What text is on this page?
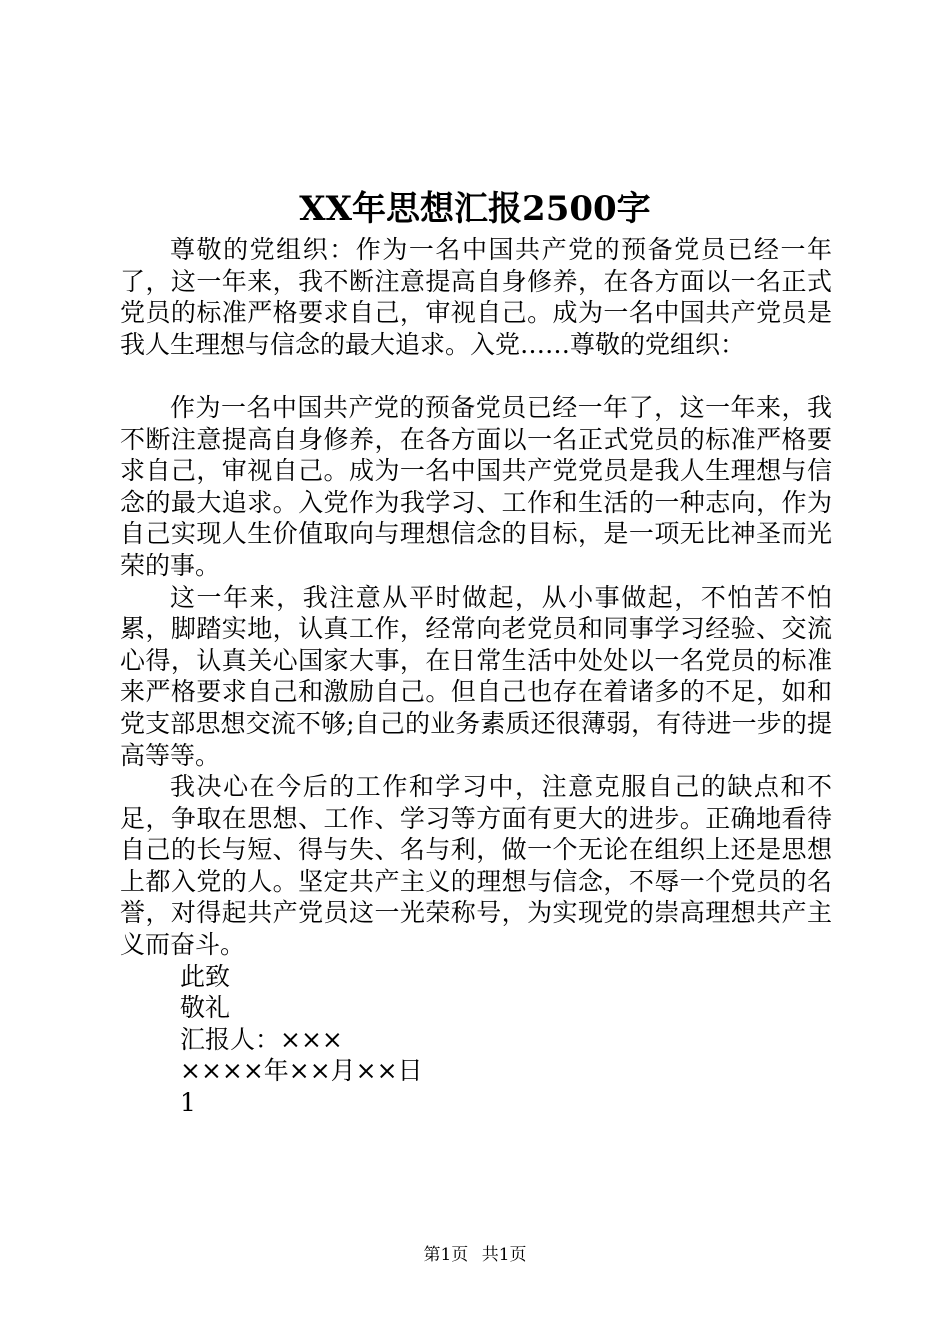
XX年思想汇报2500字

尊敬的党组织：作为一名中国共产党的预备党员已经一年了，这一年来，我不断注意提高自身修养，在各方面以一名正式党员的标准严格要求自己，审视自己。成为一名中国共产党员是我人生理想与信念的最大追求。入党……尊敬的党组织：

作为一名中国共产党的预备党员已经一年了，这一年来，我不断注意提高自身修养，在各方面以一名正式党员的标准严格要求自己，审视自己。成为一名中国共产党党员是我人生理想与信念的最大追求。入党作为我学习、工作和生活的一种志向，作为自己实现人生价值取向与理想信念的目标，是一项无比神圣而光荣的事。

这一年来，我注意从平时做起，从小事做起，不怕苦不怕累，脚踏实地，认真工作，经常向老党员和同事学习经验、交流心得，认真关心国家大事，在日常生活中处处以一名党员的标准来严格要求自己和激励自己。但自己也存在着诸多的不足，如和党支部思想交流不够;自己的业务素质还很薄弱，有待进一步的提高等等。

我决心在今后的工作和学习中，注意克服自己的缺点和不足，争取在思想、工作、学习等方面有更大的进步。正确地看待自己的长与短、得与失、名与利，做一个无论在组织上还是思想上都入党的人。坚定共产主义的理想与信念，不辱一个党员的名誉，对得起共产党员这一光荣称号，为实现党的崇高理想共产主义而奋斗。

此致

敬礼

汇报人：×××

××××年××月××日

1

第1页 共1页
